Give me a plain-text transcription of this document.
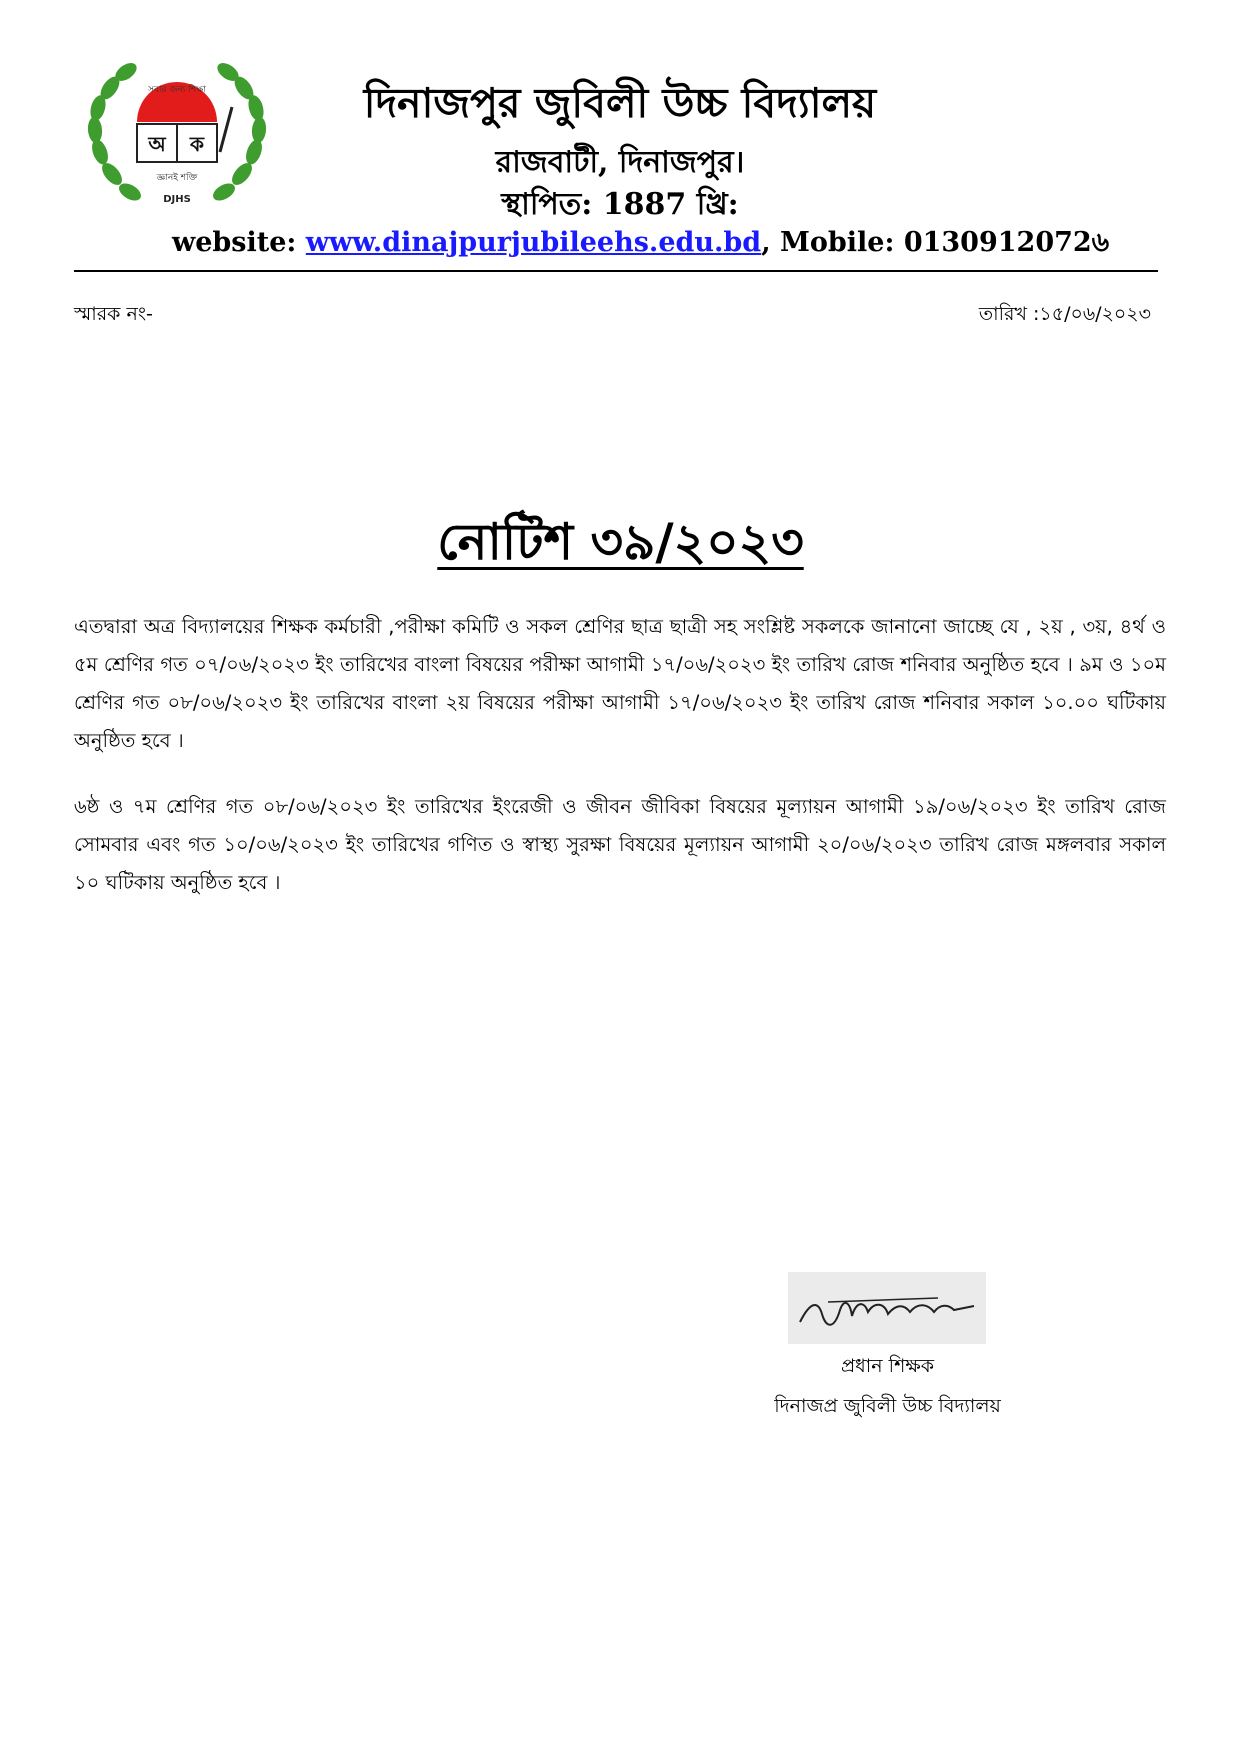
সবার জন্য শিক্ষা
অ ক
জ্ঞানই শক্তি
DJHS
দিনাজপুর জুবিলী উচ্চ বিদ্যালয়
রাজবাটী, দিনাজপুর।
স্থাপিত: 1887 খ্রি:
website: www.dinajpurjubileehs.edu.bd, Mobile: 0130912072৬
স্মারক নং-	তারিখ :১৫/০৬/২০২৩
নোটিশ ৩৯/২০২৩
এতদ্বারা অত্র বিদ্যালয়ের শিক্ষক কর্মচারী ,পরীক্ষা কমিটি ও সকল শ্রেণির ছাত্র ছাত্রী সহ সংশ্লিষ্ট সকলকে জানানো জাচ্ছে যে , ২য় , ৩য়, ৪র্থ ও ৫ম শ্রেণির গত ০৭/০৬/২০২৩ ইং তারিখের বাংলা বিষয়ের পরীক্ষা আগামী ১৭/০৬/২০২৩ ইং তারিখ রোজ শনিবার অনুষ্ঠিত হবে । ৯ম ও ১০ম শ্রেণির গত ০৮/০৬/২০২৩ ইং তারিখের বাংলা ২য় বিষয়ের পরীক্ষা আগামী ১৭/০৬/২০২৩ ইং তারিখ রোজ শনিবার সকাল ১০.০০ ঘটিকায় অনুষ্ঠিত হবে ।
৬ষ্ঠ ও ৭ম শ্রেণির গত ০৮/০৬/২০২৩ ইং তারিখের ইংরেজী ও জীবন জীবিকা বিষয়ের মূল্যায়ন আগামী ১৯/০৬/২০২৩ ইং তারিখ রোজ সোমবার এবং গত ১০/০৬/২০২৩ ইং তারিখের গণিত ও স্বাস্থ্য সুরক্ষা বিষয়ের মূল্যায়ন আগামী ২০/০৬/২০২৩ তারিখ রোজ মঙ্গলবার সকাল ১০ ঘটিকায় অনুষ্ঠিত হবে ।
প্রধান শিক্ষক
দিনাজপ্র জুবিলী উচ্চ বিদ্যালয়
